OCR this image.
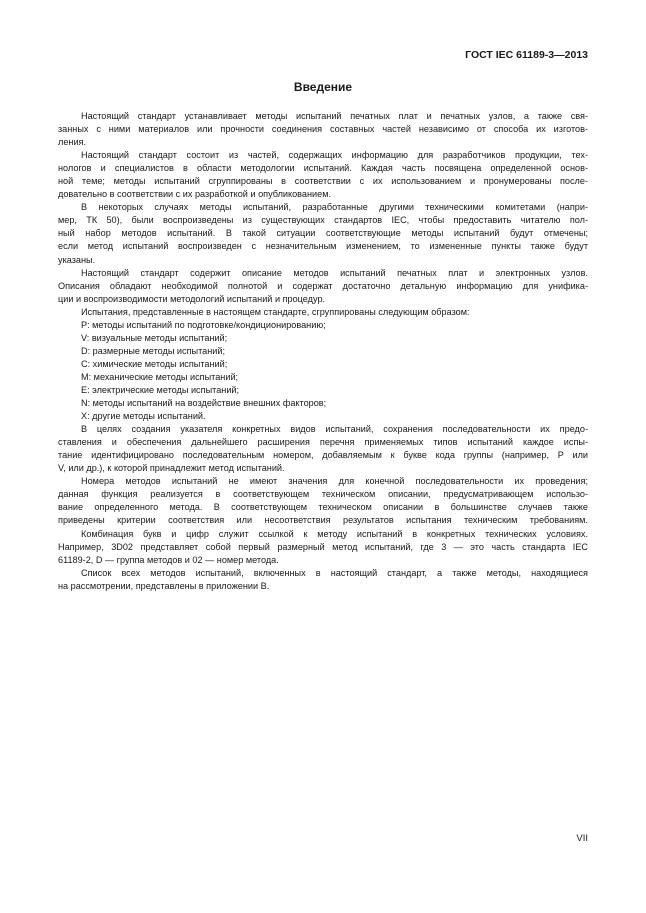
ГОСТ IEC 61189-3—2013
Введение
Настоящий стандарт устанавливает методы испытаний печатных плат и печатных узлов, а также свя-
занных с ними материалов или прочности соединения составных частей независимо от способа их изготов-
ления.
Настоящий стандарт состоит из частей, содержащих информацию для разработчиков продукции, тех-
нологов и специалистов в области методологии испытаний. Каждая часть посвящена определенной основ-
ной теме; методы испытаний сгруппированы в соответствии с их использованием и пронумерованы после-
довательно в соответствии с их разработкой и опубликованием.
В некоторых случаях методы испытаний, разработанные другими техническими комитетами (напри-
мер, ТК 50), были воспроизведены из существующих стандартов IEC, чтобы предоставить читателю пол-
ный набор методов испытаний. В такой ситуации соответствующие методы испытаний будут отмечены;
если метод испытаний воспроизведен с незначительным изменением, то измененные пункты также будут
указаны.
Настоящий стандарт содержит описание методов испытаний печатных плат и электронных узлов.
Описания обладают необходимой полнотой и содержат достаточно детальную информацию для унифика-
ции и воспроизводимости методологий испытаний и процедур.
Испытания, представленные в настоящем стандарте, сгруппированы следующим образом:
P: методы испытаний по подготовке/кондиционированию;
V: визуальные методы испытаний;
D: размерные методы испытаний;
C: химические методы испытаний;
M: механические методы испытаний;
E: электрические методы испытаний;
N: методы испытаний на воздействие внешних факторов;
X: другие методы испытаний.
В целях создания указателя конкретных видов испытаний, сохранения последовательности их предо-
ставления и обеспечения дальнейшего расширения перечня применяемых типов испытаний каждое испы-
тание идентифицировано последовательным номером, добавляемым к букве кода группы (например, P или
V, или др.), к которой принадлежит метод испытаний.
Номера методов испытаний не имеют значения для конечной последовательности их проведения;
данная функция реализуется в соответствующем техническом описании, предусматривающем использо-
вание определенного метода. В соответствующем техническом описании в большинстве случаев также
приведены критерии соответствия или несоответствия результатов испытания техническим требованиям.
Комбинация букв и цифр служит ссылкой к методу испытаний в конкретных технических условиях.
Например, 3D02 представляет собой первый размерный метод испытаний, где 3 — это часть стандарта IEC
61189-2, D — группа методов и 02 — номер метода.
Список всех методов испытаний, включенных в настоящий стандарт, а также методы, находящиеся
на рассмотрении, представлены в приложении B.
VII
